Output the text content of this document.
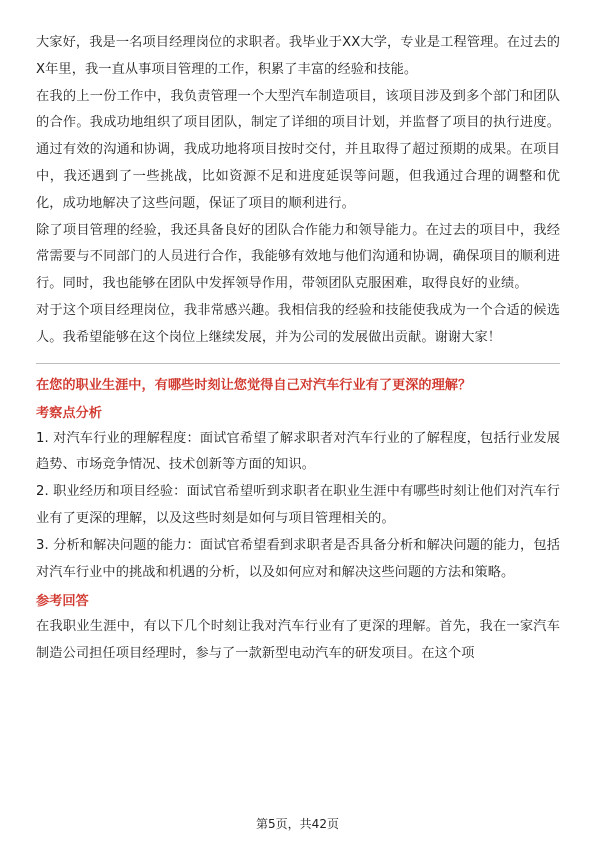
大家好，我是一名项目经理岗位的求职者。我毕业于XX大学，专业是工程管理。在过去的X年里，我一直从事项目管理的工作，积累了丰富的经验和技能。

在我的上一份工作中，我负责管理一个大型汽车制造项目，该项目涉及到多个部门和团队的合作。我成功地组织了项目团队，制定了详细的项目计划，并监督了项目的执行进度。通过有效的沟通和协调，我成功地将项目按时交付，并且取得了超过预期的成果。在项目中，我还遇到了一些挑战，比如资源不足和进度延误等问题，但我通过合理的调整和优化，成功地解决了这些问题，保证了项目的顺利进行。

除了项目管理的经验，我还具备良好的团队合作能力和领导能力。在过去的项目中，我经常需要与不同部门的人员进行合作，我能够有效地与他们沟通和协调，确保项目的顺利进行。同时，我也能够在团队中发挥领导作用，带领团队克服困难，取得良好的业绩。

对于这个项目经理岗位，我非常感兴趣。我相信我的经验和技能使我成为一个合适的候选人。我希望能够在这个岗位上继续发展，并为公司的发展做出贡献。谢谢大家！

在您的职业生涯中，有哪些时刻让您觉得自己对汽车行业有了更深的理解？

考察点分析

1. 对汽车行业的理解程度：面试官希望了解求职者对汽车行业的了解程度，包括行业发展趋势、市场竞争情况、技术创新等方面的知识。

2. 职业经历和项目经验：面试官希望听到求职者在职业生涯中有哪些时刻让他们对汽车行业有了更深的理解，以及这些时刻是如何与项目管理相关的。

3. 分析和解决问题的能力：面试官希望看到求职者是否具备分析和解决问题的能力，包括对汽车行业中的挑战和机遇的分析，以及如何应对和解决这些问题的方法和策略。

参考回答

在我职业生涯中，有以下几个时刻让我对汽车行业有了更深的理解。首先，我在一家汽车制造公司担任项目经理时，参与了一款新型电动汽车的研发项目。在这个项

第5页，共42页
